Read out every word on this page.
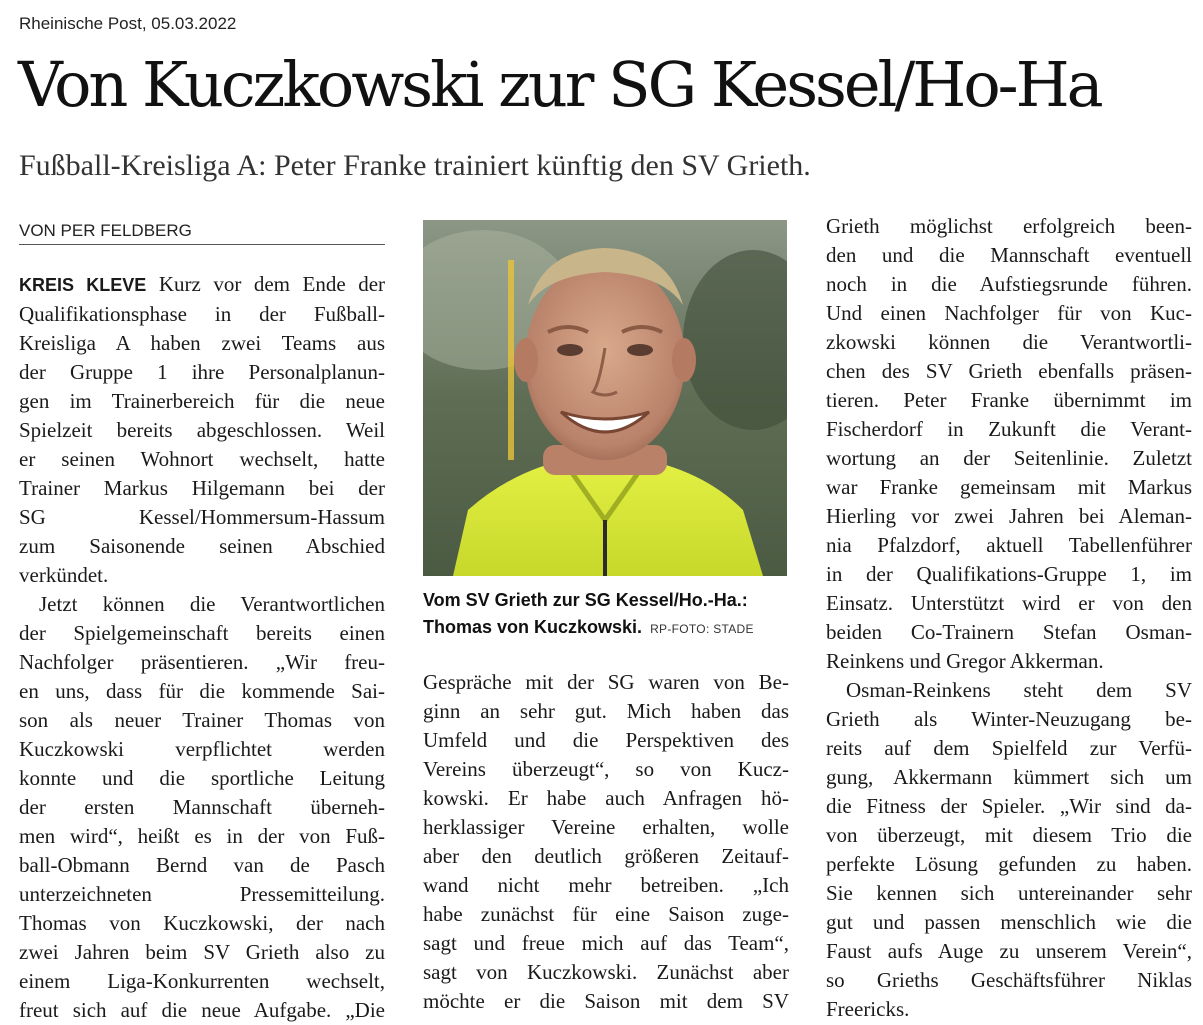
Rheinische Post, 05.03.2022
Von Kuczkowski zur SG Kessel/Ho-Ha
Fußball-Kreisliga A: Peter Franke trainiert künftig den SV Grieth.
VON PER FELDBERG
KREIS KLEVE Kurz vor dem Ende der
Qualifikationsphase in der Fußball-
Kreisliga A haben zwei Teams aus
der Gruppe 1 ihre Personalplanun-
gen im Trainerbereich für die neue
Spielzeit bereits abgeschlossen. Weil
er seinen Wohnort wechselt, hatte
Trainer Markus Hilgemann bei der
SG Kessel/Hommersum-Hassum
zum Saisonende seinen Abschied
verkündet.
Jetzt können die Verantwortlichen
der Spielgemeinschaft bereits einen
Nachfolger präsentieren. „Wir freu-
en uns, dass für die kommende Sai-
son als neuer Trainer Thomas von
Kuczkowski verpflichtet werden
konnte und die sportliche Leitung
der ersten Mannschaft überneh-
men wird“, heißt es in der von Fuß-
ball-Obmann Bernd van de Pasch
unterzeichneten Pressemitteilung.
Thomas von Kuczkowski, der nach
zwei Jahren beim SV Grieth also zu
einem Liga-Konkurrenten wechselt,
freut sich auf die neue Aufgabe. „Die
Vom SV Grieth zur SG Kessel/Ho.-Ha.:
Thomas von Kuczkowski. RP-FOTO: STADE
Gespräche mit der SG waren von Be-
ginn an sehr gut. Mich haben das
Umfeld und die Perspektiven des
Vereins überzeugt“, so von Kucz-
kowski. Er habe auch Anfragen hö-
herklassiger Vereine erhalten, wolle
aber den deutlich größeren Zeitauf-
wand nicht mehr betreiben. „Ich
habe zunächst für eine Saison zuge-
sagt und freue mich auf das Team“,
sagt von Kuczkowski. Zunächst aber
möchte er die Saison mit dem SV
Grieth möglichst erfolgreich been-
den und die Mannschaft eventuell
noch in die Aufstiegsrunde führen.
Und einen Nachfolger für von Kuc-
zkowski können die Verantwortli-
chen des SV Grieth ebenfalls präsen-
tieren. Peter Franke übernimmt im
Fischerdorf in Zukunft die Verant-
wortung an der Seitenlinie. Zuletzt
war Franke gemeinsam mit Markus
Hierling vor zwei Jahren bei Aleman-
nia Pfalzdorf, aktuell Tabellenführer
in der Qualifikations-Gruppe 1, im
Einsatz. Unterstützt wird er von den
beiden Co-Trainern Stefan Osman-
Reinkens und Gregor Akkerman.
Osman-Reinkens steht dem SV
Grieth als Winter-Neuzugang be-
reits auf dem Spielfeld zur Verfü-
gung, Akkermann kümmert sich um
die Fitness der Spieler. „Wir sind da-
von überzeugt, mit diesem Trio die
perfekte Lösung gefunden zu haben.
Sie kennen sich untereinander sehr
gut und passen menschlich wie die
Faust aufs Auge zu unserem Verein“,
so Grieths Geschäftsführer Niklas
Freericks.
